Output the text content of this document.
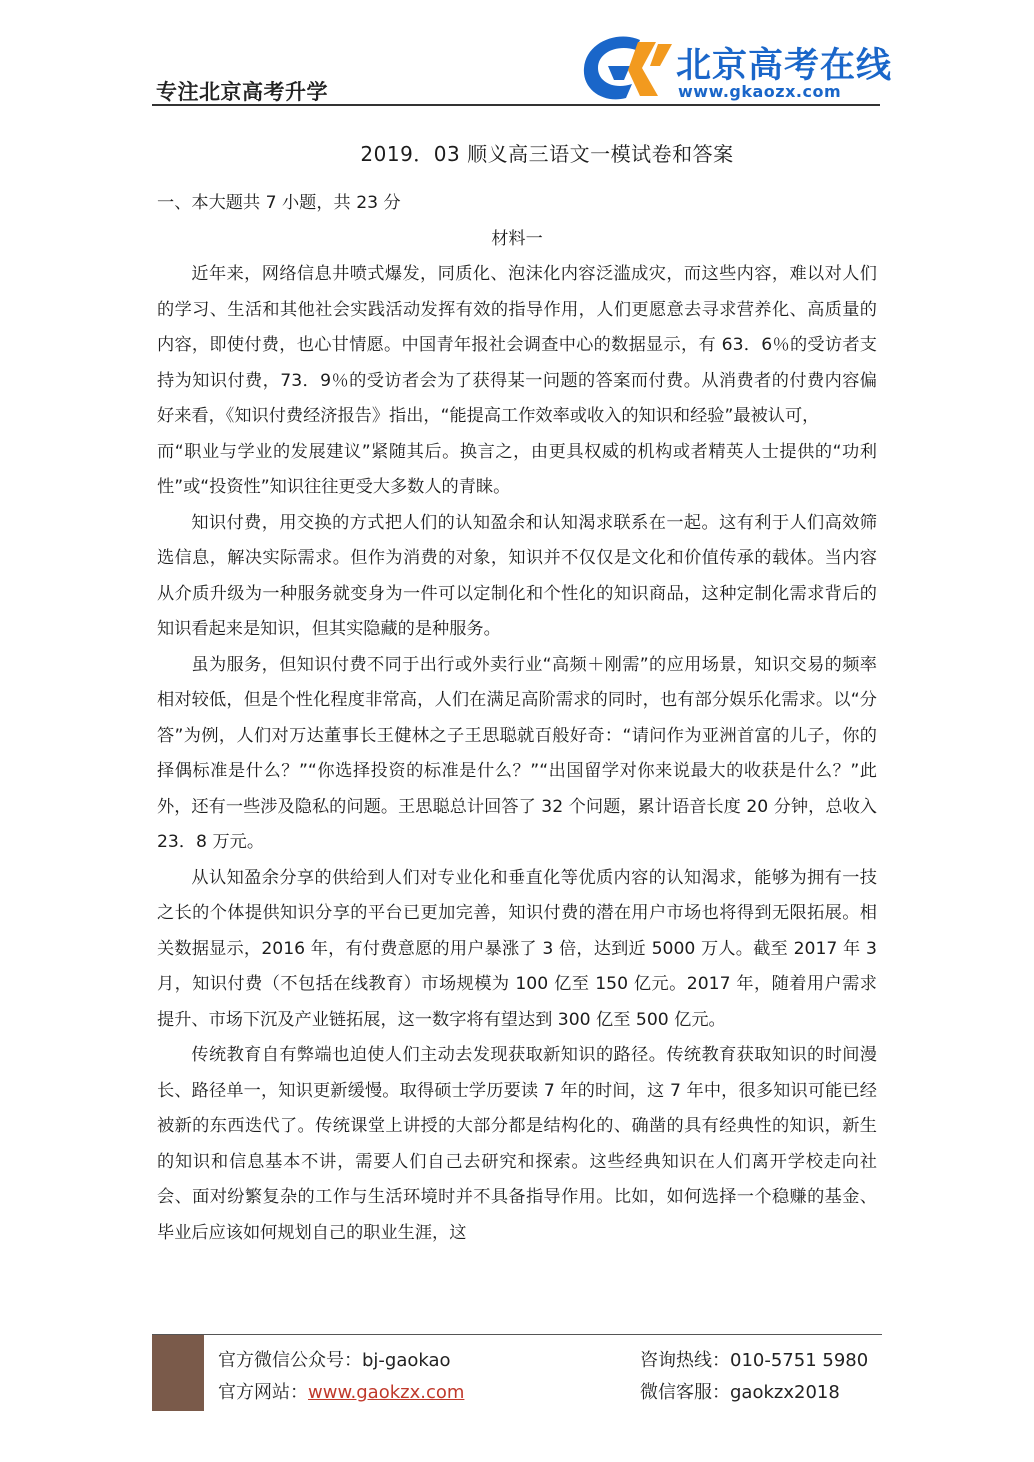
专注北京高考升学
北京高考在线
www.gkaozx.com
2019．03 顺义高三语文一模试卷和答案

一、本大题共 7 小题，共 23 分

材料一

近年来，网络信息井喷式爆发，同质化、泡沫化内容泛滥成灾，而这些内容，难以对人们的学习、生活和其他社会实践活动发挥有效的指导作用，人们更愿意去寻求营养化、高质量的内容，即使付费，也心甘情愿。中国青年报社会调查中心的数据显示，有 63．6％的受访者支持为知识付费，73．9％的受访者会为了获得某一问题的答案而付费。从消费者的付费内容偏好来看，《知识付费经济报告》指出，“能提高工作效率或收入的知识和经验”最被认可，

而“职业与学业的发展建议”紧随其后。换言之，由更具权威的机构或者精英人士提供的“功利性”或“投资性”知识往往更受大多数人的青睐。

知识付费，用交换的方式把人们的认知盈余和认知渴求联系在一起。这有利于人们高效筛选信息，解决实际需求。但作为消费的对象，知识并不仅仅是文化和价值传承的载体。当内容从介质升级为一种服务就变身为一件可以定制化和个性化的知识商品，这种定制化需求背后的知识看起来是知识，但其实隐藏的是种服务。

虽为服务，但知识付费不同于出行或外卖行业“高频＋刚需”的应用场景，知识交易的频率相对较低，但是个性化程度非常高，人们在满足高阶需求的同时，也有部分娱乐化需求。以“分答”为例，人们对万达董事长王健林之子王思聪就百般好奇：“请问作为亚洲首富的儿子，你的择偶标准是什么？”“你选择投资的标准是什么？”“出国留学对你来说最大的收获是什么？”此外，还有一些涉及隐私的问题。王思聪总计回答了 32 个问题，累计语音长度 20 分钟，总收入 23．8 万元。

从认知盈余分享的供给到人们对专业化和垂直化等优质内容的认知渴求，能够为拥有一技之长的个体提供知识分享的平台已更加完善，知识付费的潜在用户市场也将得到无限拓展。相关数据显示，2016 年，有付费意愿的用户暴涨了 3 倍，达到近 5000 万人。截至 2017 年 3 月，知识付费（不包括在线教育）市场规模为 100 亿至 150 亿元。2017 年，随着用户需求提升、市场下沉及产业链拓展，这一数字将有望达到 300 亿至 500 亿元。

传统教育自有弊端也迫使人们主动去发现获取新知识的路径。传统教育获取知识的时间漫长、路径单一，知识更新缓慢。取得硕士学历要读 7 年的时间，这 7 年中，很多知识可能已经被新的东西迭代了。传统课堂上讲授的大部分都是结构化的、确凿的具有经典性的知识，新生的知识和信息基本不讲，需要人们自己去研究和探索。这些经典知识在人们离开学校走向社会、面对纷繁复杂的工作与生活环境时并不具备指导作用。比如，如何选择一个稳赚的基金、毕业后应该如何规划自己的职业生涯，这

官方微信公众号：bj-gaokao
官方网站：www.gaokzx.com
咨询热线：010-5751 5980
微信客服：gaokzx2018
